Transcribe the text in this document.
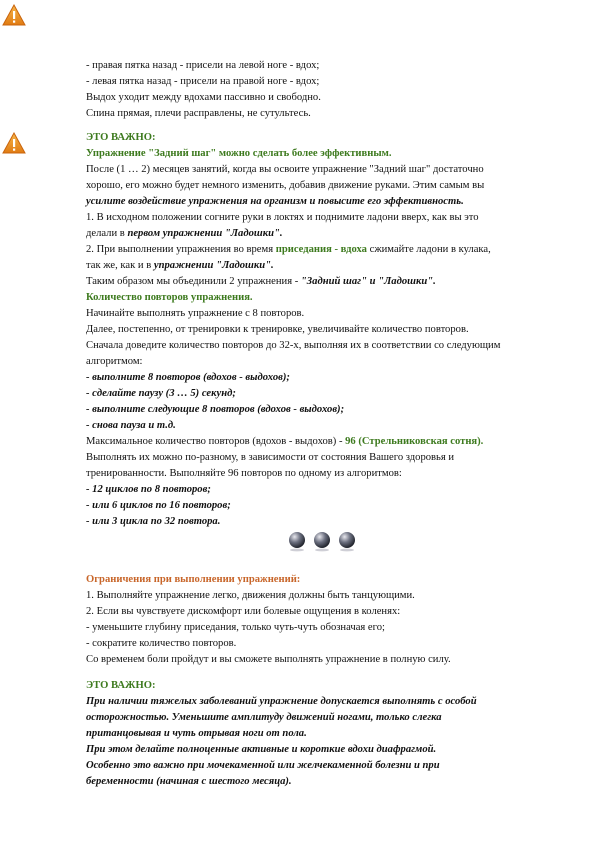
- правая пятка назад - присели на левой ноге - вдох;
- левая пятка назад - присели на правой ноге - вдох;
Выдох уходит между вдохами пассивно и свободно.
Спина прямая, плечи расправлены, не сутультесь.
ЭТО ВАЖНО:
Упражнение "Задний шаг" можно сделать более эффективным.
После (1 … 2) месяцев занятий, когда вы освоите упражнение "Задний шаг" достаточно
хорошо, его можно будет немного изменить, добавив движение руками. Этим самым вы
усилите воздействие упражнения на организм и повысите его эффективность.
1. В исходном положении согните руки в локтях и поднимите ладони вверх, как вы это
делали в первом упражнении "Ладошки".
2. При выполнении упражнения во время приседания - вдоха сжимайте ладони в кулака,
так же, как и в упражнении "Ладошки".
Таким образом мы объединили 2 упражнения - "Задний шаг" и "Ладошки".
Количество повторов упражнения.
Начинайте выполнять упражнение с 8 повторов.
Далее, постепенно, от тренировки к тренировке, увеличивайте количество повторов.
Сначала доведите количество повторов до 32-х, выполняя их в соответствии со следующим
алгоритмом:
- выполните 8 повторов (вдохов - выдохов);
- сделайте паузу (3 … 5) секунд;
- выполните следующие 8 повторов (вдохов - выдохов);
- снова пауза и т.д.
Максимальное количество повторов (вдохов - выдохов) - 96 (Стрельниковская сотня).
Выполнять их можно по-разному, в зависимости от состояния Вашего здоровья и
тренированности. Выполняйте 96 повторов по одному из алгоритмов:
- 12 циклов по 8 повторов;
- или 6 циклов по 16 повторов;
- или 3 цикла по 32 повтора.
Ограничения при выполнении упражнений:
1. Выполняйте упражнение легко, движения должны быть танцующими.
2. Если вы чувствуете дискомфорт или болевые ощущения в коленях:
- уменьшите глубину приседания, только чуть-чуть обозначая его;
- сократите количество повторов.
Со временем боли пройдут и вы сможете выполнять упражнение в полную силу.
ЭТО ВАЖНО:
При наличии тяжелых заболеваний упражнение допускается выполнять с особой
осторожностью. Уменьшите амплитуду движений ногами, только слегка
пританцовывая и чуть отрывая ноги от пола.
При этом делайте полноценные активные и короткие вдохи диафрагмой.
Особенно это важно при мочекаменной или желчекаменной болезни и при
беременности (начиная с шестого месяца).
